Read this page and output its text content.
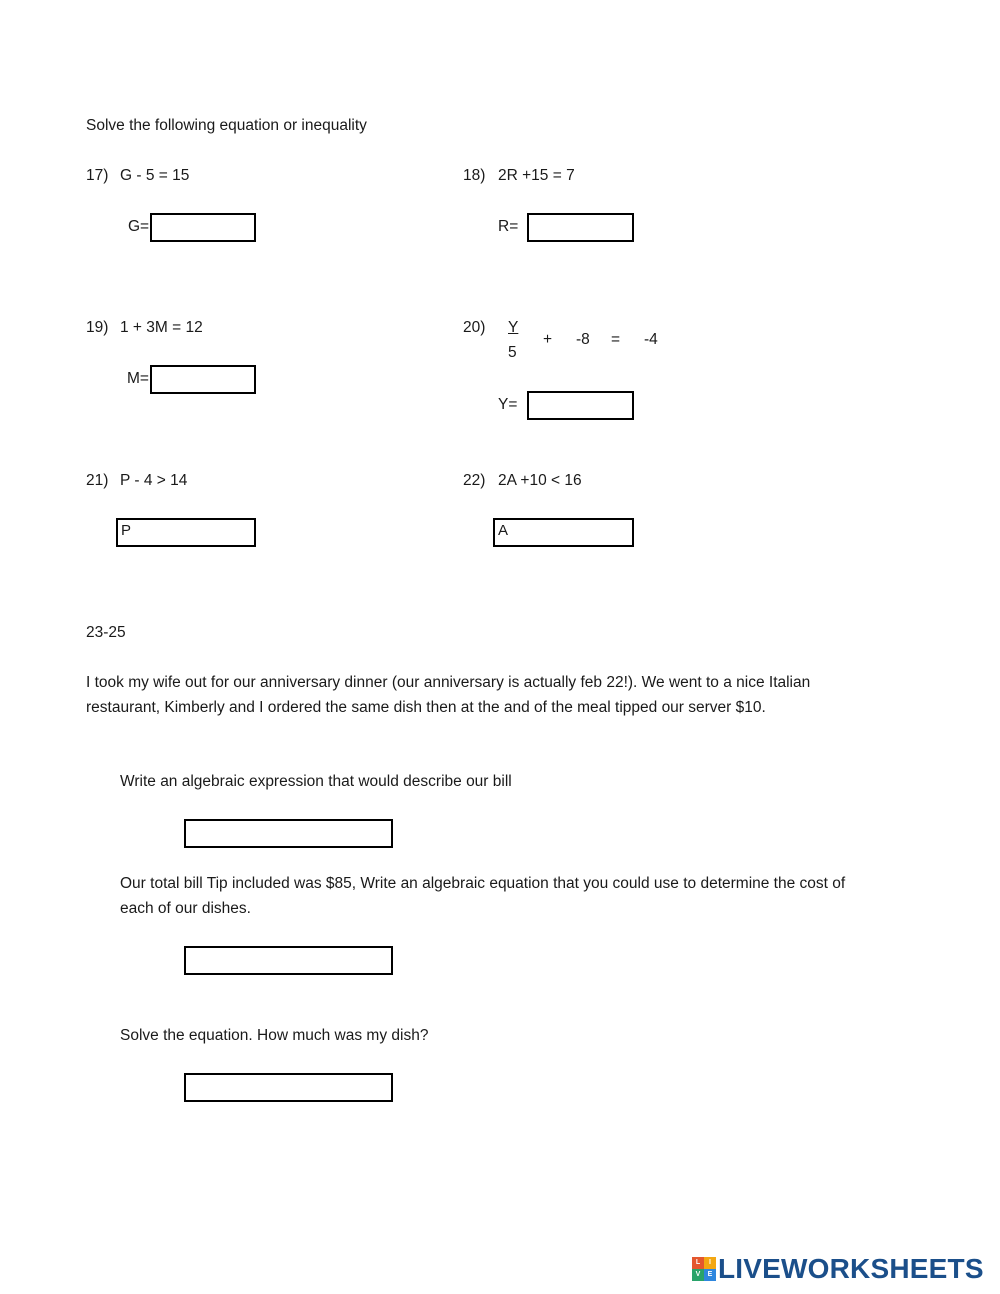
Solve the following equation or inequality
17) G - 5 = 15
G=
18) 2R +15 = 7
R=
19) 1 + 3M = 12
M=
20) Y
5
+ -8 = -4
Y=
21) P - 4 > 14
P
22) 2A +10 < 16
A
23-25
I took my wife out for our anniversary dinner (our anniversary is actually feb 22!). We went to a nice Italian
restaurant, Kimberly and I ordered the same dish then at the and of the meal tipped our server $10.
Write an algebraic expression that would describe our bill
Our total bill Tip included was $85, Write an algebraic equation that you could use to determine the cost of
each of our dishes.
Solve the equation. How much was my dish?
L	I
V	E LIVEWORKSHEETS
